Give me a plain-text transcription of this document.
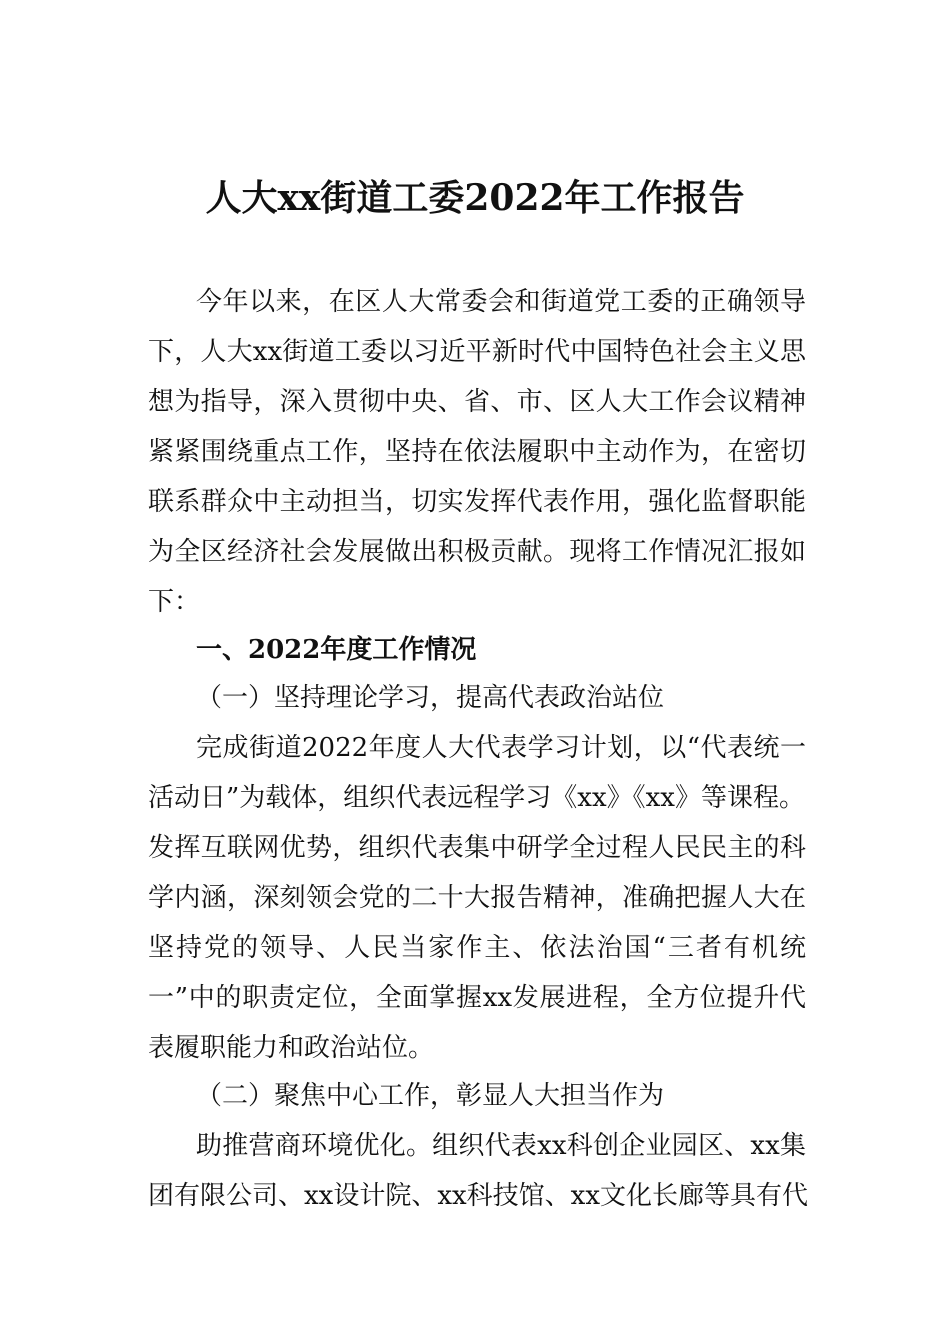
人大xx街道工委2022年工作报告
今年以来，在区人大常委会和街道党工委的正确领导
下，人大xx街道工委以习近平新时代中国特色社会主义思
想为指导，深入贯彻中央、省、市、区人大工作会议精神
紧紧围绕重点工作，坚持在依法履职中主动作为，在密切
联系群众中主动担当，切实发挥代表作用，强化监督职能
为全区经济社会发展做出积极贡献。现将工作情况汇报如
下：
一、2022年度工作情况
（一）坚持理论学习，提高代表政治站位
完成街道2022年度人大代表学习计划，以“代表统一
活动日”为载体，组织代表远程学习《xx》《xx》等课程。
发挥互联网优势，组织代表集中研学全过程人民民主的科
学内涵，深刻领会党的二十大报告精神，准确把握人大在
坚持党的领导、人民当家作主、依法治国“三者有机统
一”中的职责定位，全面掌握xx发展进程，全方位提升代
表履职能力和政治站位。
（二）聚焦中心工作，彰显人大担当作为
助推营商环境优化。组织代表xx科创企业园区、xx集
团有限公司、xx设计院、xx科技馆、xx文化长廊等具有代
